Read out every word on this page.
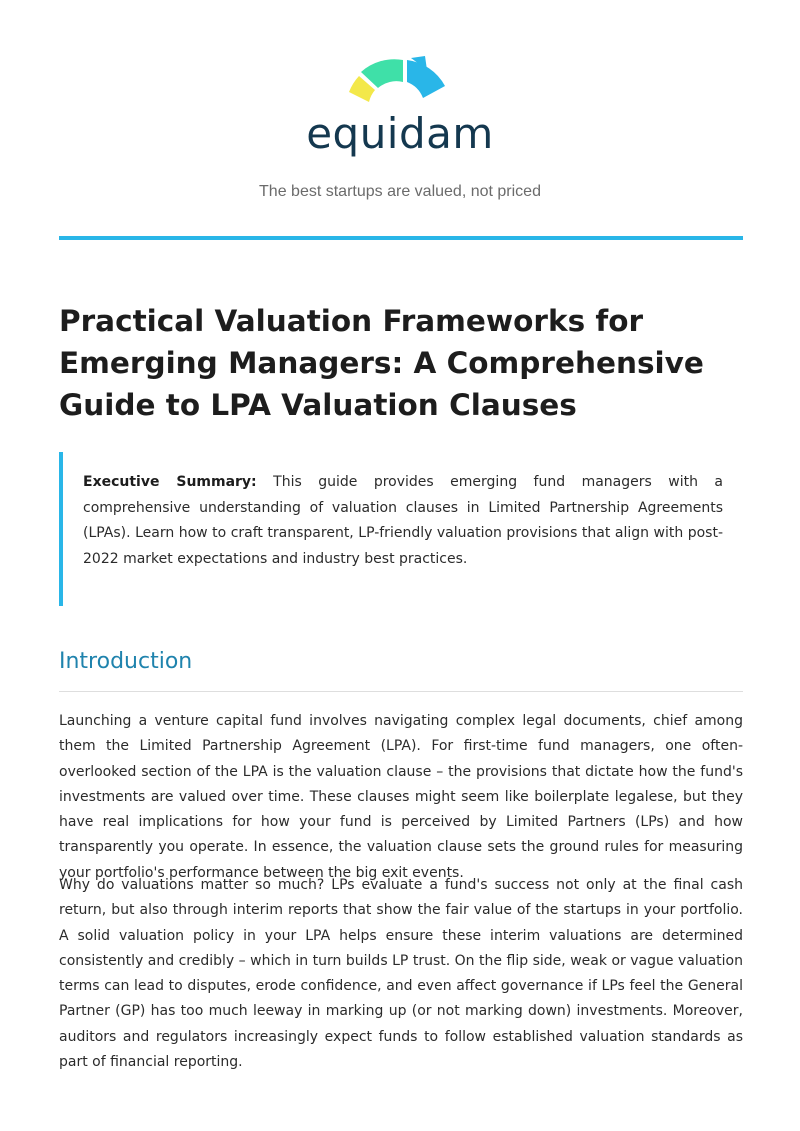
equidam
The best startups are valued, not priced
Practical Valuation Frameworks for Emerging Managers: A Comprehensive Guide to LPA Valuation Clauses

Executive Summary: This guide provides emerging fund managers with a comprehensive understanding of valuation clauses in Limited Partnership Agreements (LPAs). Learn how to craft transparent, LP-friendly valuation provisions that align with post-2022 market expectations and industry best practices.

Introduction

Launching a venture capital fund involves navigating complex legal documents, chief among them the Limited Partnership Agreement (LPA). For first-time fund managers, one often-overlooked section of the LPA is the valuation clause – the provisions that dictate how the fund's investments are valued over time. These clauses might seem like boilerplate legalese, but they have real implications for how your fund is perceived by Limited Partners (LPs) and how transparently you operate. In essence, the valuation clause sets the ground rules for measuring your portfolio's performance between the big exit events.

Why do valuations matter so much? LPs evaluate a fund's success not only at the final cash return, but also through interim reports that show the fair value of the startups in your portfolio. A solid valuation policy in your LPA helps ensure these interim valuations are determined consistently and credibly – which in turn builds LP trust. On the flip side, weak or vague valuation terms can lead to disputes, erode confidence, and even affect governance if LPs feel the General Partner (GP) has too much leeway in marking up (or not marking down) investments. Moreover, auditors and regulators increasingly expect funds to follow established valuation standards as part of financial reporting.
